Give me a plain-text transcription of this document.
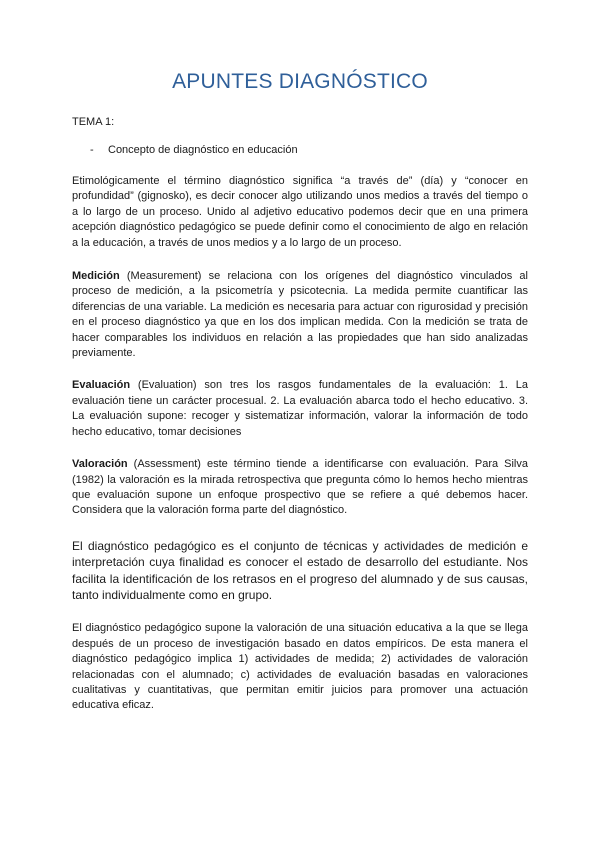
APUNTES DIAGNÓSTICO
TEMA 1:
-	Concepto de diagnóstico en educación

Etimológicamente el término diagnóstico significa “a través de” (día) y “conocer en profundidad” (gignosko), es decir conocer algo utilizando unos medios a través del tiempo o a lo largo de un proceso. Unido al adjetivo educativo podemos decir que en una primera acepción diagnóstico pedagógico se puede definir como el conocimiento de algo en relación a la educación, a través de unos medios y a lo largo de un proceso.

Medición (Measurement) se relaciona con los orígenes del diagnóstico vinculados al proceso de medición, a la psicometría y psicotecnia. La medida permite cuantificar las diferencias de una variable. La medición es necesaria para actuar con rigurosidad y precisión en el proceso diagnóstico ya que en los dos implican medida. Con la medición se trata de hacer comparables los individuos en relación a las propiedades que han sido analizadas previamente.

Evaluación (Evaluation) son tres los rasgos fundamentales de la evaluación: 1. La evaluación tiene un carácter procesual. 2. La evaluación abarca todo el hecho educativo. 3. La evaluación supone: recoger y sistematizar información, valorar la información de todo hecho educativo, tomar decisiones

Valoración (Assessment) este término tiende a identificarse con evaluación. Para Silva (1982) la valoración es la mirada retrospectiva que pregunta cómo lo hemos hecho mientras que evaluación supone un enfoque prospectivo que se refiere a qué debemos hacer. Considera que la valoración forma parte del diagnóstico.

El diagnóstico pedagógico es el conjunto de técnicas y actividades de medición e interpretación cuya finalidad es conocer el estado de desarrollo del estudiante. Nos facilita la identificación de los retrasos en el progreso del alumnado y de sus causas, tanto individualmente como en grupo.

El diagnóstico pedagógico supone la valoración de una situación educativa a la que se llega después de un proceso de investigación basado en datos empíricos. De esta manera el diagnóstico pedagógico implica 1) actividades de medida; 2) actividades de valoración relacionadas con el alumnado; c) actividades de evaluación basadas en valoraciones cualitativas y cuantitativas, que permitan emitir juicios para promover una actuación educativa eficaz.
